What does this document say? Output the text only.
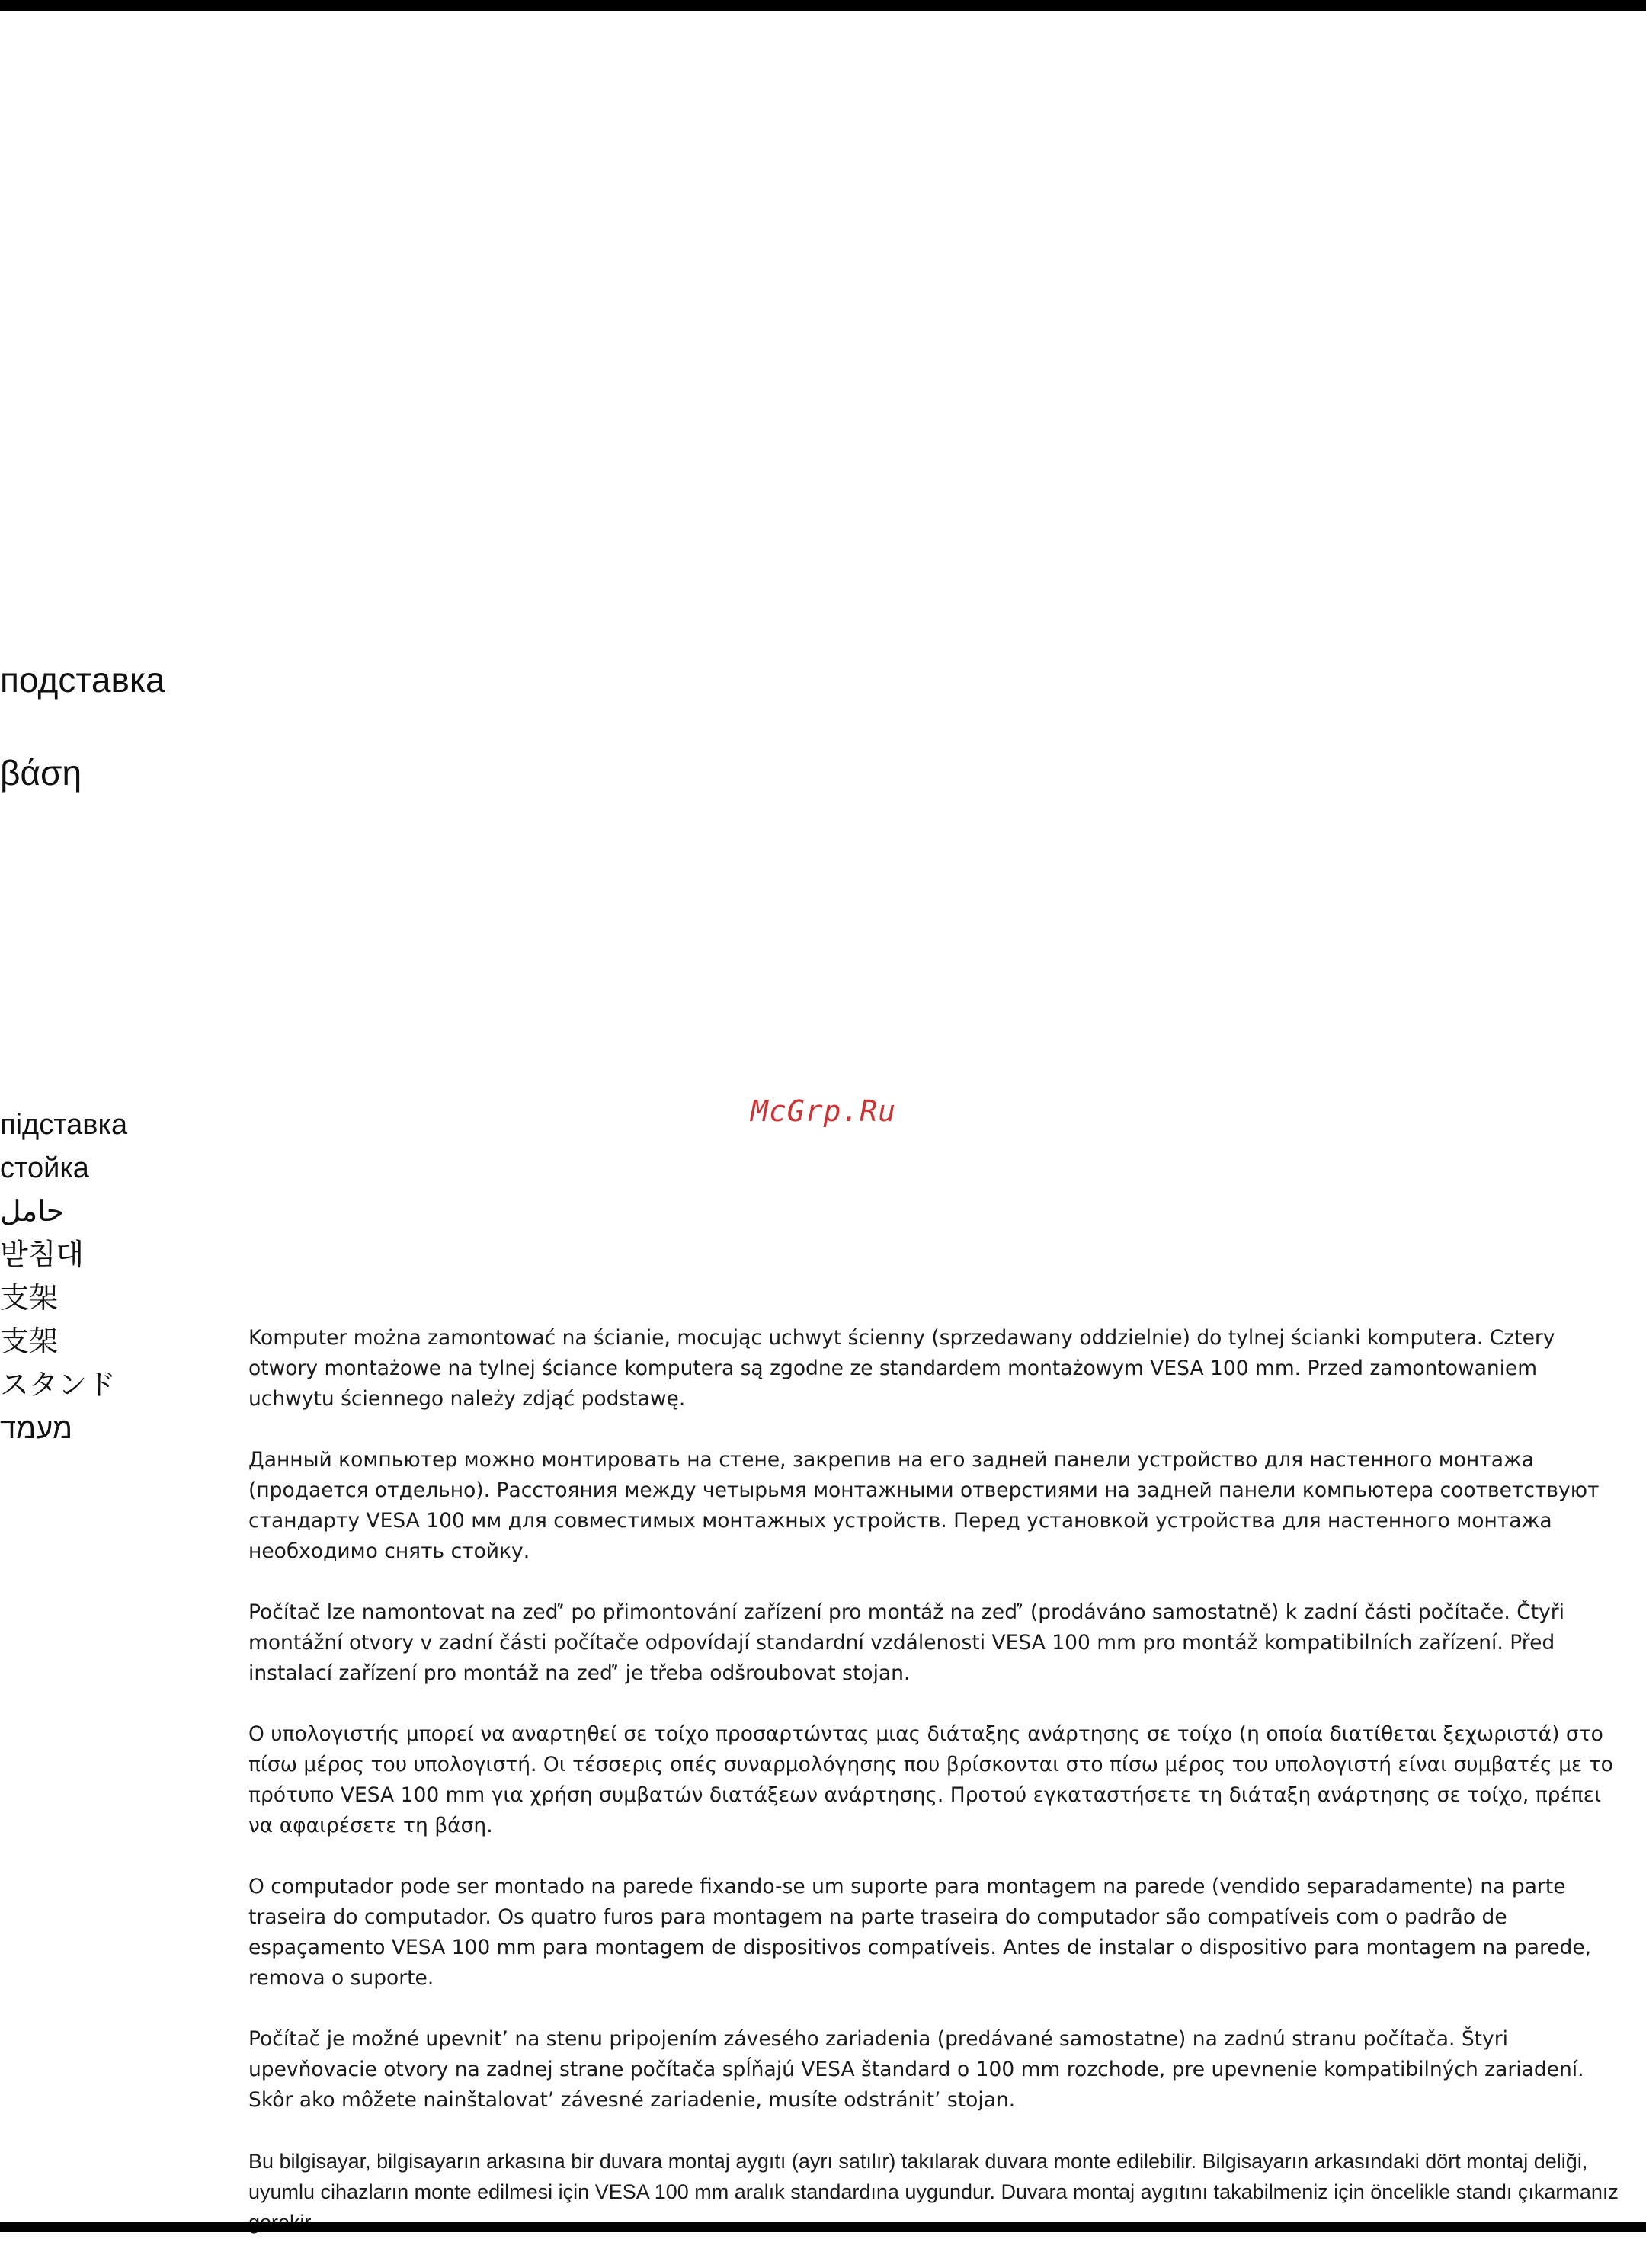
подставка

βάση

McGrp.Ru
підставка
стойка
حامل
받침대
支架
支架
スタンド
מעמד

Komputer można zamontować na ścianie, mocując uchwyt ścienny (sprzedawany oddzielnie) do tylnej ścianki komputera. Cztery otwory montażowe na tylnej ściance komputera są zgodne ze standardem montażowym VESA 100 mm. Przed zamontowaniem uchwytu ściennego należy zdjąć podstawę.

Данный компьютер можно монтировать на стене, закрепив на его задней панели устройство для настенного монтажа (продается отдельно). Расстояния между четырьмя монтажными отверстиями на задней панели компьютера соответствуют стандарту VESA 100 мм для совместимых монтажных устройств. Перед установкой устройства для настенного монтажа необходимо снять стойку.

Počítač lze namontovat na zeď’ po přimontování zařízení pro montáž na zeď’ (prodáváno samostatně) k zadní části počítače. Čtyři montážní otvory v zadní části počítače odpovídají standardní vzdálenosti VESA 100 mm pro montáž kompatibilních zařízení. Před instalací zařízení pro montáž na zeď’ je třeba odšroubovat stojan.

Ο υπολογιστής μπορεί να αναρτηθεί σε τοίχο προσαρτώντας μιας διάταξης ανάρτησης σε τοίχο (η οποία διατίθεται ξεχωριστά) στο πίσω μέρος του υπολογιστή. Οι τέσσερις οπές συναρμολόγησης που βρίσκονται στο πίσω μέρος του υπολογιστή είναι συμβατές με το πρότυπο VESA 100 mm για χρήση συμβατών διατάξεων ανάρτησης. Προτού εγκαταστήσετε τη διάταξη ανάρτησης σε τοίχο, πρέπει να αφαιρέσετε τη βάση.

O computador pode ser montado na parede fixando-se um suporte para montagem na parede (vendido separadamente) na parte traseira do computador. Os quatro furos para montagem na parte traseira do computador são compatíveis com o padrão de espaçamento VESA 100 mm para montagem de dispositivos compatíveis. Antes de instalar o dispositivo para montagem na parede, remova o suporte.

Počítač je možné upevnit’ na stenu pripojením závesého zariadenia (predávané samostatne) na zadnú stranu počítača. Štyri upevňovacie otvory na zadnej strane počítača spĺňajú VESA štandard o 100 mm rozchode, pre upevnenie kompatibilných zariadení. Skôr ako môžete nainštalovat’ závesné zariadenie, musíte odstránit’ stojan.

Bu bilgisayar, bilgisayarın arkasına bir duvara montaj aygıtı (ayrı satılır) takılarak duvara monte edilebilir. Bilgisayarın arkasındaki dört montaj deliği, uyumlu cihazların monte edilmesi için VESA 100 mm aralık standardına uygundur. Duvara montaj aygıtını takabilmeniz için öncelikle standı çıkarmanız
